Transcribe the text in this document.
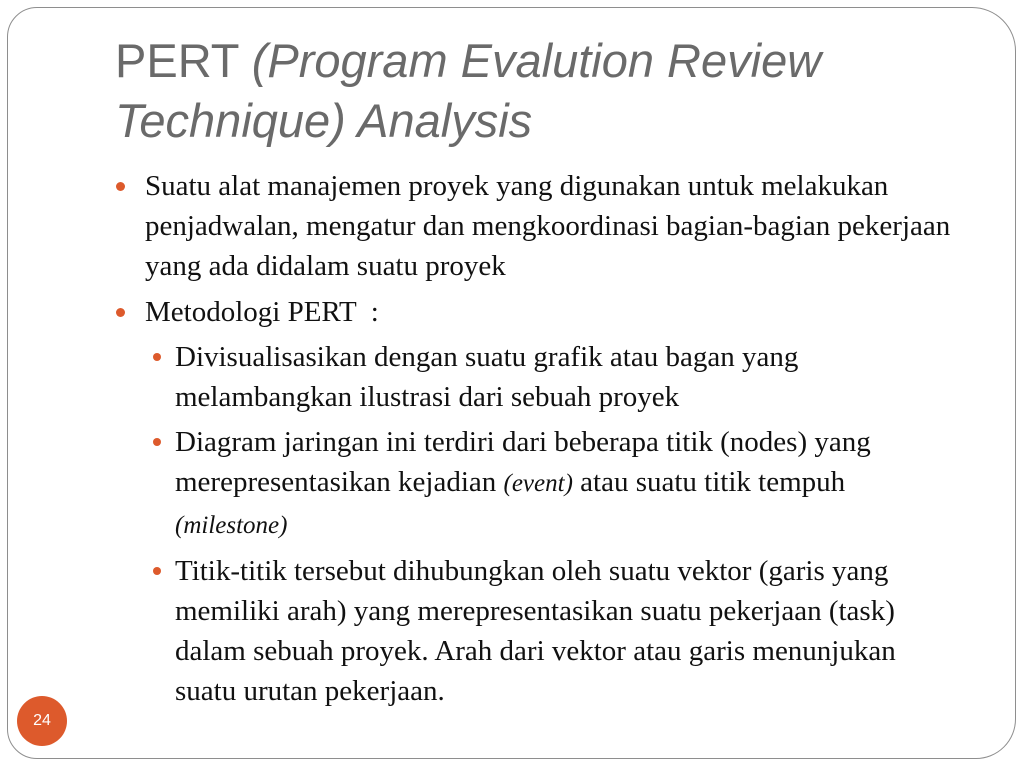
PERT (Program Evalution Review Technique) Analysis
Suatu alat manajemen proyek yang digunakan untuk melakukan
penjadwalan, mengatur dan mengkoordinasi bagian-bagian pekerjaan
yang ada didalam suatu proyek
Metodologi PERT  :
Divisualisasikan dengan suatu grafik atau bagan yang
melambangkan ilustrasi dari sebuah proyek
Diagram jaringan ini terdiri dari beberapa titik (nodes) yang
merepresentasikan kejadian (event) atau suatu titik tempuh
(milestone)
Titik-titik tersebut dihubungkan oleh suatu vektor (garis yang
memiliki arah) yang merepresentasikan suatu pekerjaan (task)
dalam sebuah proyek. Arah dari vektor atau garis menunjukan
suatu urutan pekerjaan.
24
